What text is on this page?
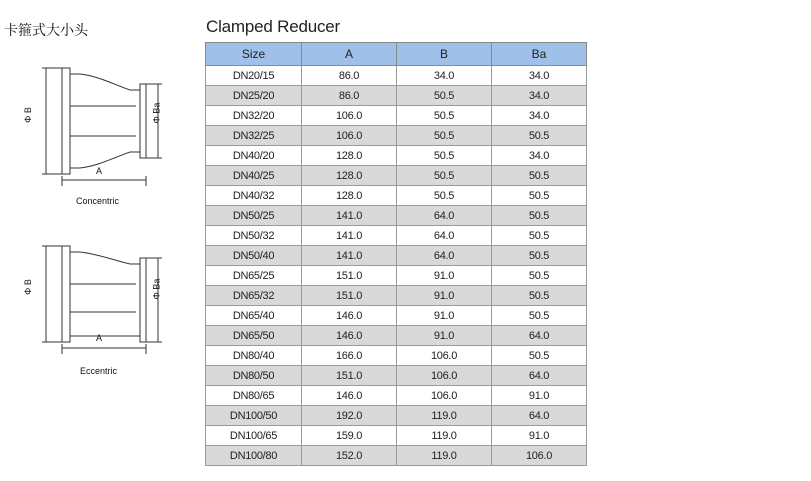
卡箍式大小头	Clamped Reducer
Φ B	Φ Ba
A
Concentric
Φ B	Φ Ba
A
Eccentric
Size	A	B	Ba
DN20/15	86.0	34.0	34.0
DN25/20	86.0	50.5	34.0
DN32/20	106.0	50.5	34.0
DN32/25	106.0	50.5	50.5
DN40/20	128.0	50.5	34.0
DN40/25	128.0	50.5	50.5
DN40/32	128.0	50.5	50.5
DN50/25	141.0	64.0	50.5
DN50/32	141.0	64.0	50.5
DN50/40	141.0	64.0	50.5
DN65/25	151.0	91.0	50.5
DN65/32	151.0	91.0	50.5
DN65/40	146.0	91.0	50.5
DN65/50	146.0	91.0	64.0
DN80/40	166.0	106.0	50.5
DN80/50	151.0	106.0	64.0
DN80/65	146.0	106.0	91.0
DN100/50	192.0	119.0	64.0
DN100/65	159.0	119.0	91.0
DN100/80	152.0	119.0	106.0
